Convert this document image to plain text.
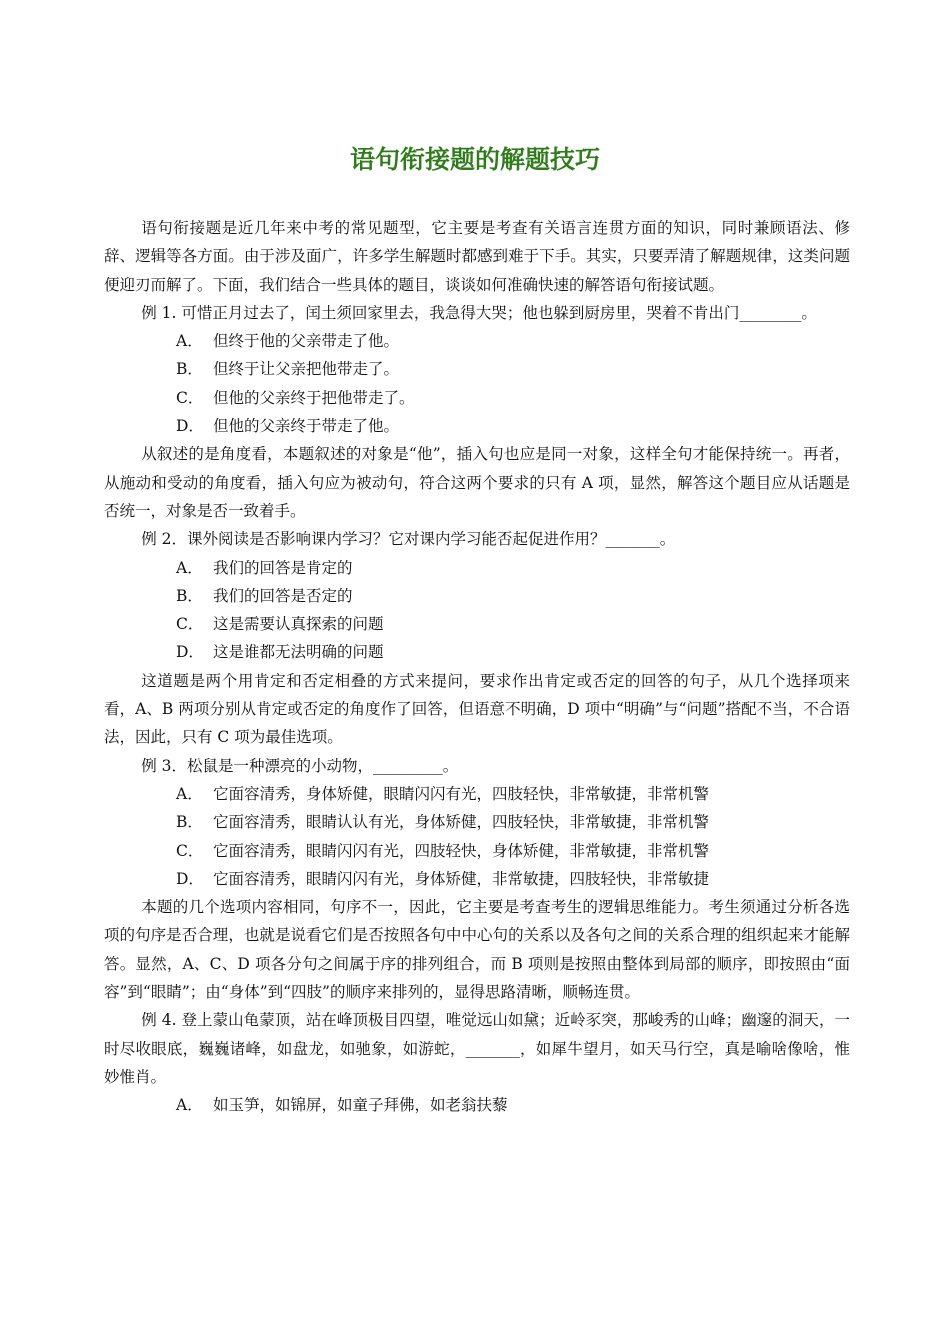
语句衔接题的解题技巧

语句衔接题是近几年来中考的常见题型，它主要是考查有关语言连贯方面的知识，同时兼顾语法、修辞、逻辑等各方面。由于涉及面广，许多学生解题时都感到难于下手。其实，只要弄清了解题规律，这类问题便迎刃而解了。下面，我们结合一些具体的题目，谈谈如何准确快速的解答语句衔接试题。

例 1. 可惜正月过去了，闰土须回家里去，我急得大哭；他也躲到厨房里，哭着不肯出门________。

A． 但终于他的父亲带走了他。

B． 但终于让父亲把他带走了。

C． 但他的父亲终于把他带走了。

D． 但他的父亲终于带走了他。

从叙述的是角度看，本题叙述的对象是“他”，插入句也应是同一对象，这样全句才能保持统一。再者，从施动和受动的角度看，插入句应为被动句，符合这两个要求的只有 A 项，显然，解答这个题目应从话题是否统一，对象是否一致着手。

例 2．课外阅读是否影响课内学习？它对课内学习能否起促进作用？_______。

A． 我们的回答是肯定的

B． 我们的回答是否定的

C． 这是需要认真探索的问题

D． 这是谁都无法明确的问题

这道题是两个用肯定和否定相叠的方式来提问，要求作出肯定或否定的回答的句子，从几个选择项来看，A、B 两项分别从肯定或否定的角度作了回答，但语意不明确，D 项中“明确”与“问题”搭配不当，不合语法，因此，只有 C 项为最佳选项。

例 3．松鼠是一种漂亮的小动物，_________。

A． 它面容清秀，身体矫健，眼睛闪闪有光，四肢轻快，非常敏捷，非常机警

B． 它面容清秀，眼睛认认有光，身体矫健，四肢轻快，非常敏捷，非常机警

C． 它面容清秀，眼睛闪闪有光，四肢轻快，身体矫健，非常敏捷，非常机警

D． 它面容清秀，眼睛闪闪有光，身体矫健，非常敏捷，四肢轻快，非常敏捷

本题的几个选项内容相同，句序不一，因此，它主要是考查考生的逻辑思维能力。考生须通过分析各选项的句序是否合理，也就是说看它们是否按照各句中中心句的关系以及各句之间的关系合理的组织起来才能解答。显然，A、C、D 项各分句之间属于序的排列组合，而 B 项则是按照由整体到局部的顺序，即按照由“面容”到“眼睛”；由“身体”到“四肢”的顺序来排列的，显得思路清晰，顺畅连贯。

例 4. 登上蒙山龟蒙顶，站在峰顶极目四望，唯觉远山如黛；近岭豕突，那峻秀的山峰；幽邃的洞天，一时尽收眼底，巍巍诸峰，如盘龙，如驰象，如游蛇，_______，如犀牛望月，如天马行空，真是喻啥像啥，惟妙惟肖。

A． 如玉笋，如锦屏，如童子拜佛，如老翁扶藜
